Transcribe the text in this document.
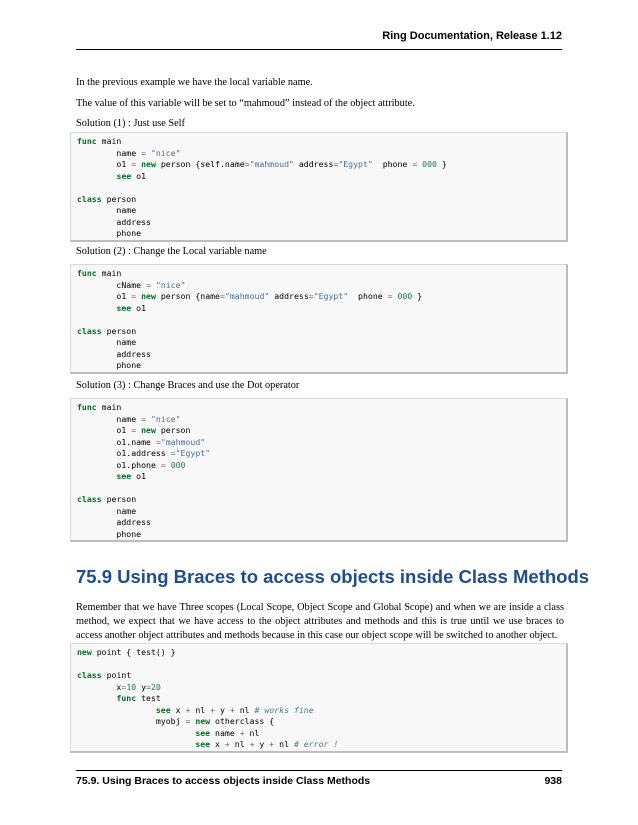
Ring Documentation, Release 1.12

In the previous example we have the local variable name.

The value of this variable will be set to “mahmoud” instead of the object attribute.

Solution (1) : Just use Self

func main
name = "nice"
o1 = new person {self.name="mahmoud" address="Egypt"  phone = 000 }
see o1
class person
name
address
phone

Solution (2) : Change the Local variable name

func main
cName = "nice"
o1 = new person {name="mahmoud" address="Egypt"  phone = 000 }
see o1
class person
name
address
phone

Solution (3) : Change Braces and use the Dot operator

func main
name = "nice"
o1 = new person
o1.name ="mahmoud"
o1.address ="Egypt"
o1.phone = 000
see o1
class person
name
address
phone
75.9 Using Braces to access objects inside Class Methods

Remember that we have Three scopes (Local Scope, Object Scope and Global Scope) and when we are inside a class method, we expect that we have access to the object attributes and methods and this is true until we use braces to access another object attributes and methods because in this case our object scope will be switched to another object.

new point { test() }
class point
x=10 y=20
func test
see x + nl + y + nl # works fine
myobj = new otherclass {
see name + nl
see x + nl + y + nl # error !
75.9. Using Braces to access objects inside Class Methods	938
